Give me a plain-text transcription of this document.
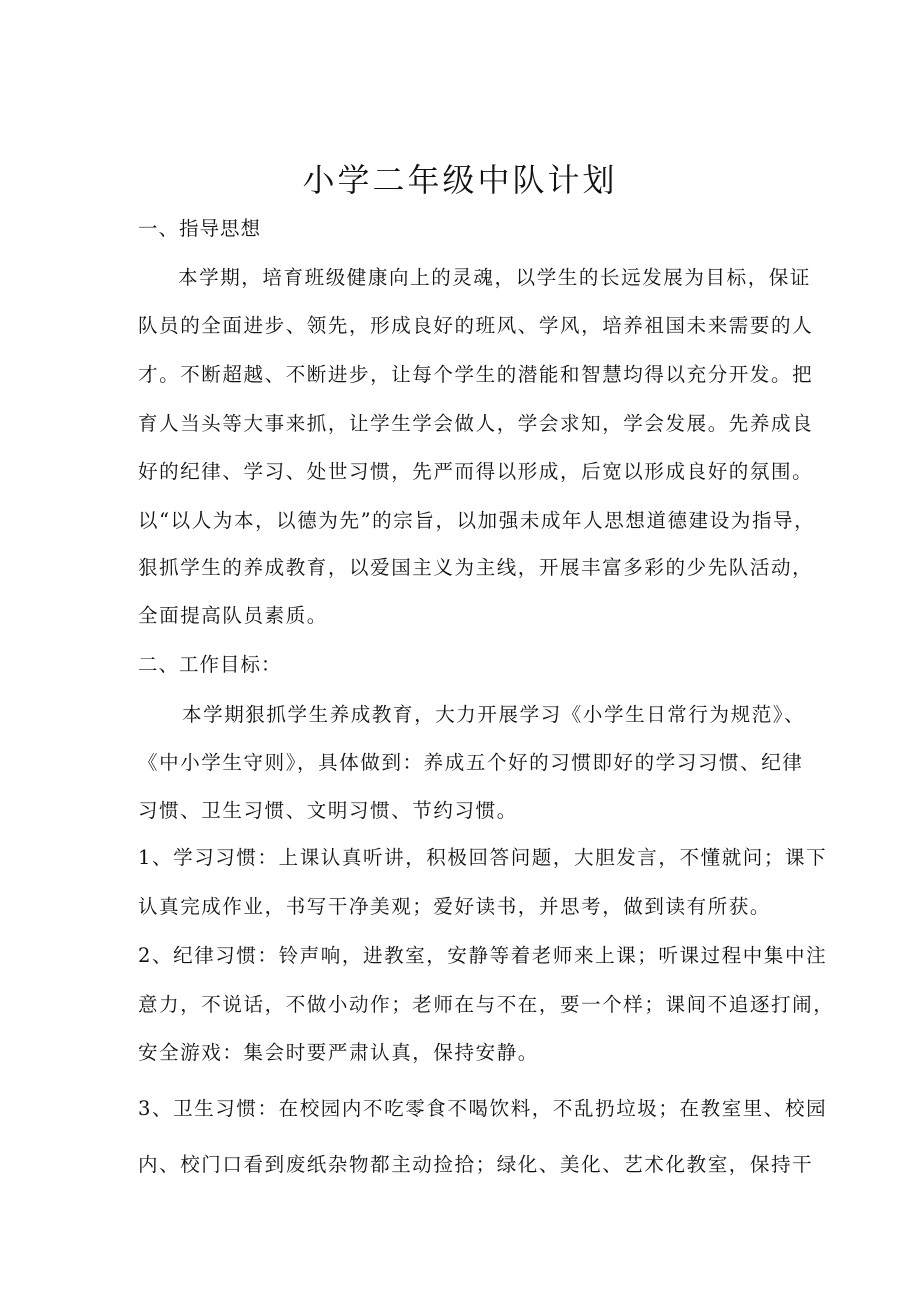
小学二年级中队计划
一、指导思想
本学期，培育班级健康向上的灵魂，以学生的长远发展为目标，保证
队员的全面进步、领先，形成良好的班风、学风，培养祖国未来需要的人
才。不断超越、不断进步，让每个学生的潜能和智慧均得以充分开发。把
育人当头等大事来抓，让学生学会做人，学会求知，学会发展。先养成良
好的纪律、学习、处世习惯，先严而得以形成，后宽以形成良好的氛围。
以“以人为本，以德为先”的宗旨，以加强未成年人思想道德建设为指导，
狠抓学生的养成教育，以爱国主义为主线，开展丰富多彩的少先队活动，
全面提高队员素质。
二、工作目标：
本学期狠抓学生养成教育，大力开展学习《小学生日常行为规范》、
《中小学生守则》，具体做到：养成五个好的习惯即好的学习习惯、纪律
习惯、卫生习惯、文明习惯、节约习惯。
1、学习习惯：上课认真听讲，积极回答问题，大胆发言，不懂就问；课下
认真完成作业，书写干净美观；爱好读书，并思考，做到读有所获。
2、纪律习惯：铃声响，进教室，安静等着老师来上课；听课过程中集中注
意力，不说话，不做小动作；老师在与不在，要一个样；课间不追逐打闹，
安全游戏：集会时要严肃认真，保持安静。
3、卫生习惯：在校园内不吃零食不喝饮料，不乱扔垃圾；在教室里、校园
内、校门口看到废纸杂物都主动捡拾；绿化、美化、艺术化教室，保持干
